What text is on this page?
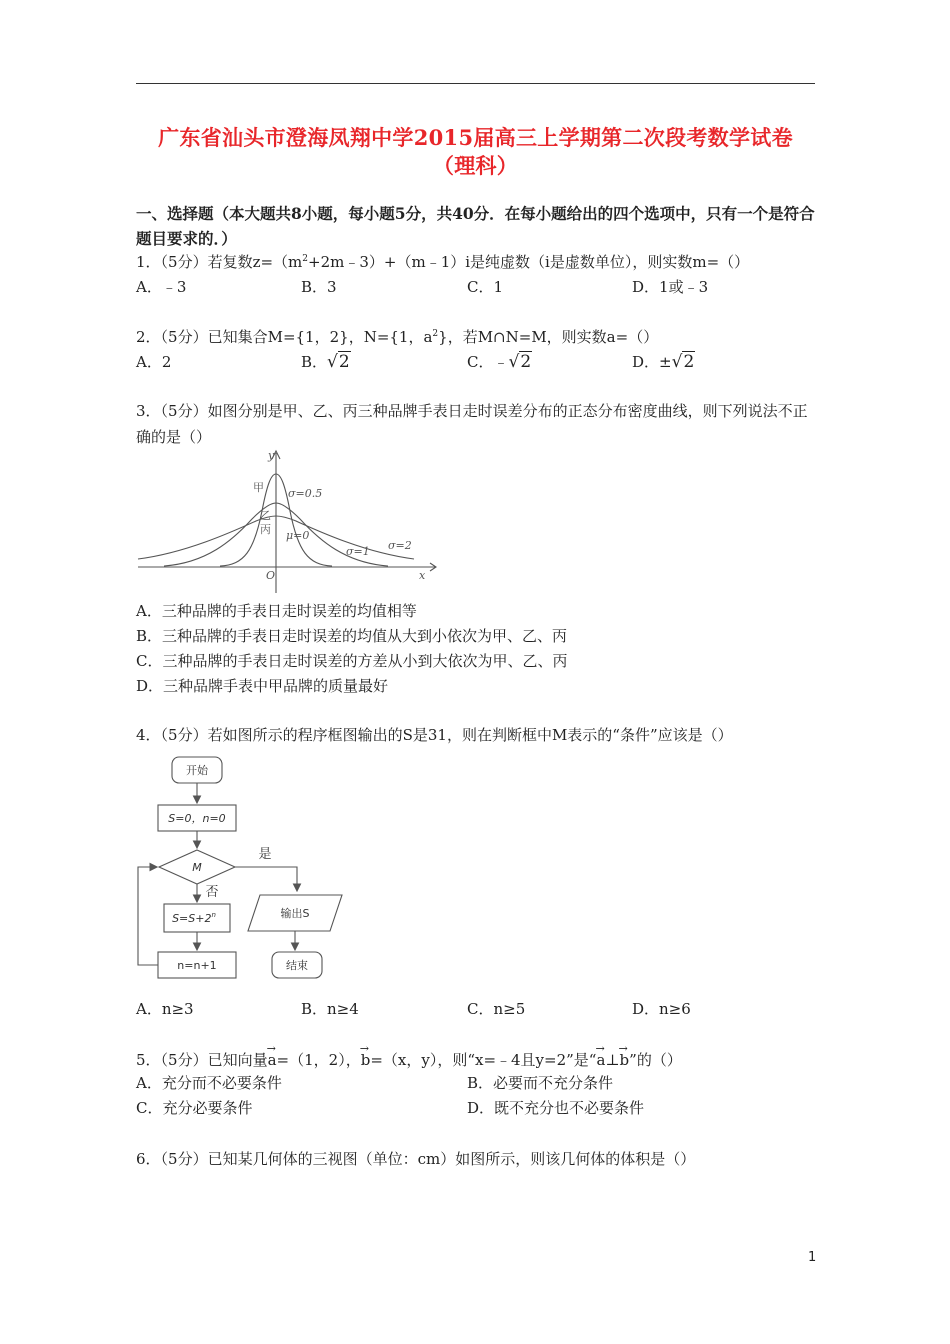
广东省汕头市澄海凤翔中学2015届高三上学期第二次段考数学试卷
（理科）
一、选择题（本大题共8小题，每小题5分，共40分．在每小题给出的四个选项中，只有一个是符合题目要求的．）
1．（5分）若复数$z=(m^2+2m﹣3)+(m﹣1)i$是纯虚数（i是虚数单位），则实数m=（）
A．﹣3	B．3	C．1	D．1或﹣3
2．（5分）已知集合M={1，2}，N={1，$a^2$}，若M∩N=M，则实数a=（）
A．2	B．√2	C．﹣√2	D．±√2
3．（5分）如图分别是甲、乙、丙三种品牌手表日走时误差分布的正态分布密度曲线，则下列说法不正确的是（）
y
x
O
σ=0.5
μ=0
σ=1 σ=2
甲
乙
丙
A．三种品牌的手表日走时误差的均值相等
B．三种品牌的手表日走时误差的均值从大到小依次为甲、乙、丙
C．三种品牌的手表日走时误差的方差从小到大依次为甲、乙、丙
D．三种品牌手表中甲品牌的质量最好
4．（5分）若如图所示的程序框图输出的S是31，则在判断框中M表示的“条件”应该是（）
开始
S=0，n=0
M
$S=S+2^n$
n=n+1
输出S
结束
是
否
A．n≥3	B．n≥4	C．n≥5	D．n≥6
5．（5分）已知向量→ a=（1，2），→ b=（x，y），则“x=﹣4且y=2”是“→ a⊥→ b”的（）
A．充分而不必要条件	B．必要而不充分条件
C．充分必要条件	D．既不充分也不必要条件
6．（5分）已知某几何体的三视图（单位：cm）如图所示，则该几何体的体积是（）
1
